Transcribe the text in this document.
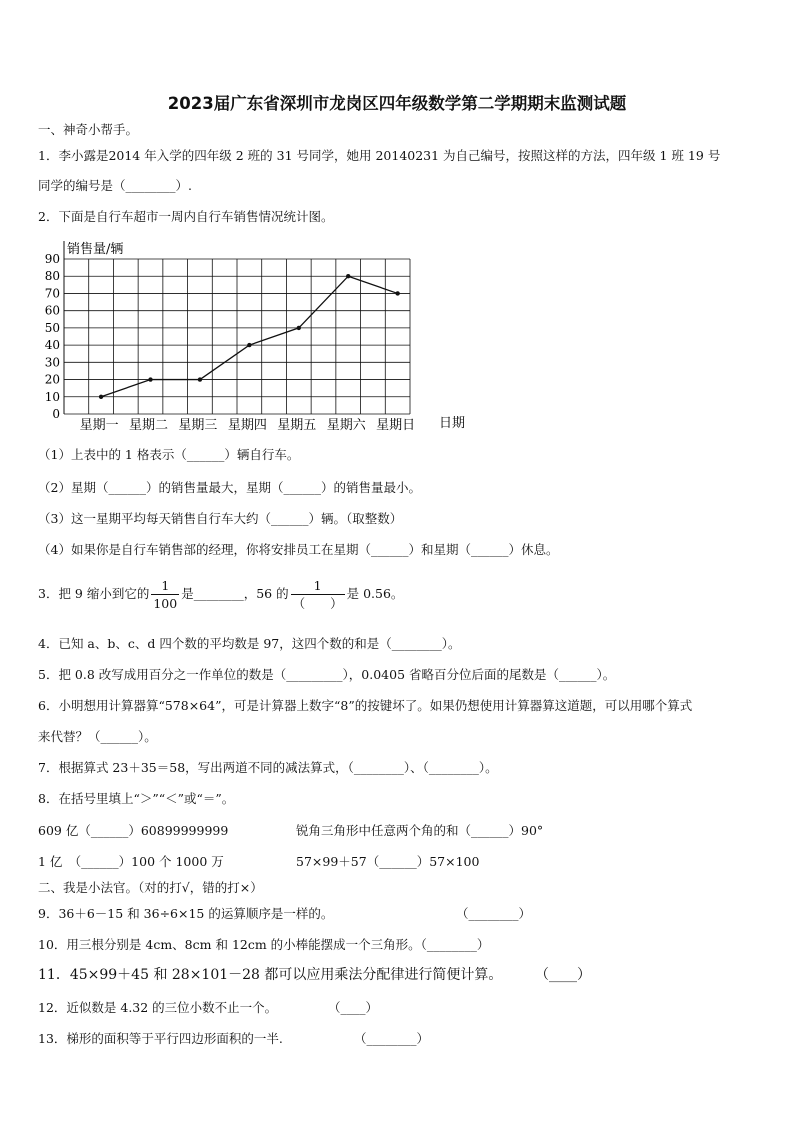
2023届广东省深圳市龙岗区四年级数学第二学期期末监测试题
一、神奇小帮手。
1．李小露是2014 年入学的四年级 2 班的 31 号同学，她用 20140231 为自己编号，按照这样的方法，四年级 1 班 19 号
同学的编号是（________）.
2．下面是自行车超市一周内自行车销售情况统计图。
销售量/辆
0
10
20
30
40
50
60
70
80
90
星期一 星期二 星期三 星期四 星期五 星期六 星期日 日期
（1）上表中的 1 格表示（______）辆自行车。
（2）星期（______）的销售量最大，星期（______）的销售量最小。
（3）这一星期平均每天销售自行车大约（______）辆。（取整数）
（4）如果你是自行车销售部的经理，你将安排员工在星期（______）和星期（______）休息。
3．把 9 缩小到它的 $\frac{1}{100}$ 是________，56 的 $\frac{1}{( )}$ 是 0.56。
4．已知 a、b、c、d 四个数的平均数是 97，这四个数的和是（________）。
5．把 0.8 改写成用百分之一作单位的数是（_________），0.0405 省略百分位后面的尾数是（______）。
6．小明想用计算器算“578×64”，可是计算器上数字“8”的按键坏了。如果仍想使用计算器算这道题，可以用哪个算式
来代替？（______）。
7．根据算式 23＋35＝58，写出两道不同的减法算式，（________）、（________）。
8．在括号里填上“＞”“＜”或“＝”。
609 亿（______）60899999999	锐角三角形中任意两个角的和（______）90°
1 亿　（______）100 个 1000 万	57×99＋57（______）57×100
二、我是小法官。（对的打√，错的打×）
9．36＋6－15 和 36÷6×15 的运算顺序是一样的。	（________）
10．用三根分别是 4cm、8cm 和 12cm 的小棒能摆成一个三角形。（________）
11．45×99＋45 和 28×101－28 都可以应用乘法分配律进行简便计算。 （____）
12．近似数是 4.32 的三位小数不止一个。	（____）
13．梯形的面积等于平行四边形面积的一半.	（________）
